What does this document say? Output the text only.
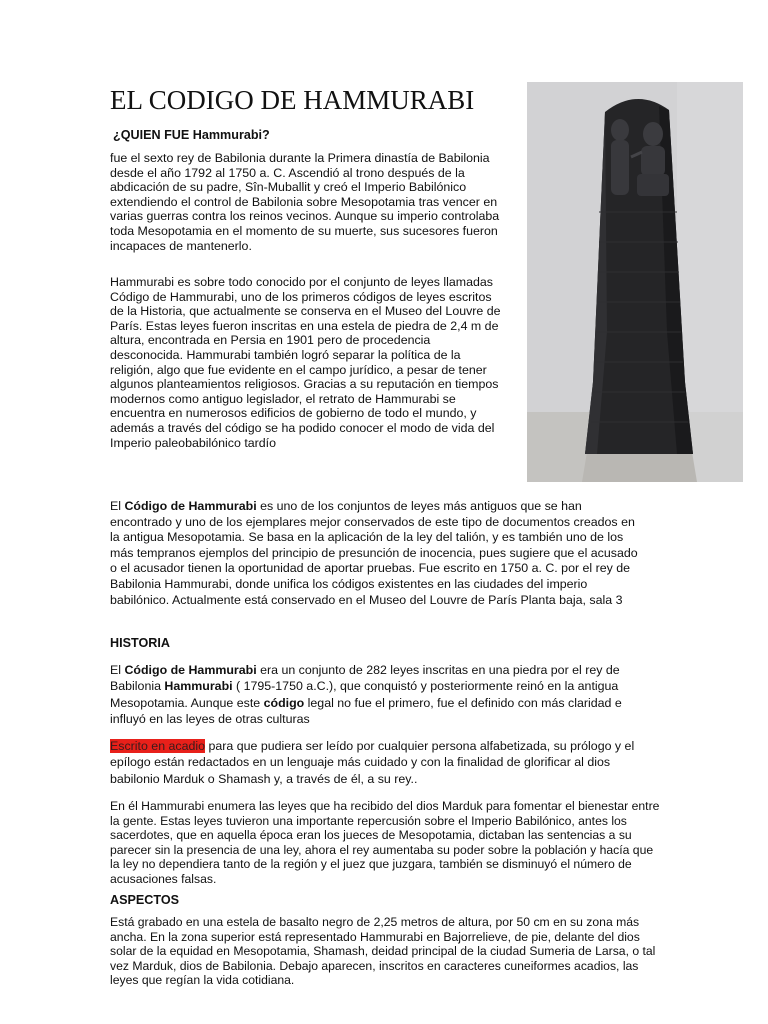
EL CODIGO DE HAMMURABI

¿QUIEN FUE Hammurabi?

fue el sexto rey de Babilonia durante la Primera dinastía de Babilonia desde el año 1792 al 1750 a. C. Ascendió al trono después de la abdicación de su padre, Sîn-Muballit y creó el Imperio Babilónico extendiendo el control de Babilonia sobre Mesopotamia tras vencer en varias guerras contra los reinos vecinos. Aunque su imperio controlaba toda Mesopotamia en el momento de su muerte, sus sucesores fueron incapaces de mantenerlo.

Hammurabi es sobre todo conocido por el conjunto de leyes llamadas Código de Hammurabi, uno de los primeros códigos de leyes escritos de la Historia, que actualmente se conserva en el Museo del Louvre de París. Estas leyes fueron inscritas en una estela de piedra de 2,4 m de altura, encontrada en Persia en 1901 pero de procedencia desconocida. Hammurabi también logró separar la política de la religión, algo que fue evidente en el campo jurídico, a pesar de tener algunos planteamientos religiosos. Gracias a su reputación en tiempos modernos como antiguo legislador, el retrato de Hammurabi se encuentra en numerosos edificios de gobierno de todo el mundo, y además a través del código se ha podido conocer el modo de vida del Imperio paleobabilónico tardío

El Código de Hammurabi es uno de los conjuntos de leyes más antiguos que se han encontrado y uno de los ejemplares mejor conservados de este tipo de documentos creados en la antigua Mesopotamia. Se basa en la aplicación de la ley del talión, y es también uno de los más tempranos ejemplos del principio de presunción de inocencia, pues sugiere que el acusado o el acusador tienen la oportunidad de aportar pruebas. Fue escrito en 1750 a. C. por el rey de Babilonia Hammurabi, donde unifica los códigos existentes en las ciudades del imperio babilónico. Actualmente está conservado en el Museo del Louvre de París Planta baja, sala 3

HISTORIA

El Código de Hammurabi era un conjunto de 282 leyes inscritas en una piedra por el rey de Babilonia Hammurabi ( 1795-1750 a.C.), que conquistó y posteriormente reinó en la antigua Mesopotamia. Aunque este código legal no fue el primero, fue el definido con más claridad e influyó en las leyes de otras culturas

Escrito en acadio para que pudiera ser leído por cualquier persona alfabetizada, su prólogo y el epílogo están redactados en un lenguaje más cuidado y con la finalidad de glorificar al dios babilonio Marduk o Shamash y, a través de él, a su rey..

En él Hammurabi enumera las leyes que ha recibido del dios Marduk para fomentar el bienestar entre la gente. Estas leyes tuvieron una importante repercusión sobre el Imperio Babilónico, antes los sacerdotes, que en aquella época eran los jueces de Mesopotamia, dictaban las sentencias a su parecer sin la presencia de una ley, ahora el rey aumentaba su poder sobre la población y hacía que la ley no dependiera tanto de la región y el juez que juzgara, también se disminuyó el número de acusaciones falsas.

ASPECTOS

Está grabado en una estela de basalto negro de 2,25 metros de altura, por 50 cm en su zona más ancha. En la zona superior está representado Hammurabi en Bajorrelieve, de pie, delante del dios solar de la equidad en Mesopotamia, Shamash, deidad principal de la ciudad Sumeria de Larsa, o tal vez Marduk, dios de Babilonia. Debajo aparecen, inscritos en caracteres cuneiformes acadios, las leyes que regían la vida cotidiana.
